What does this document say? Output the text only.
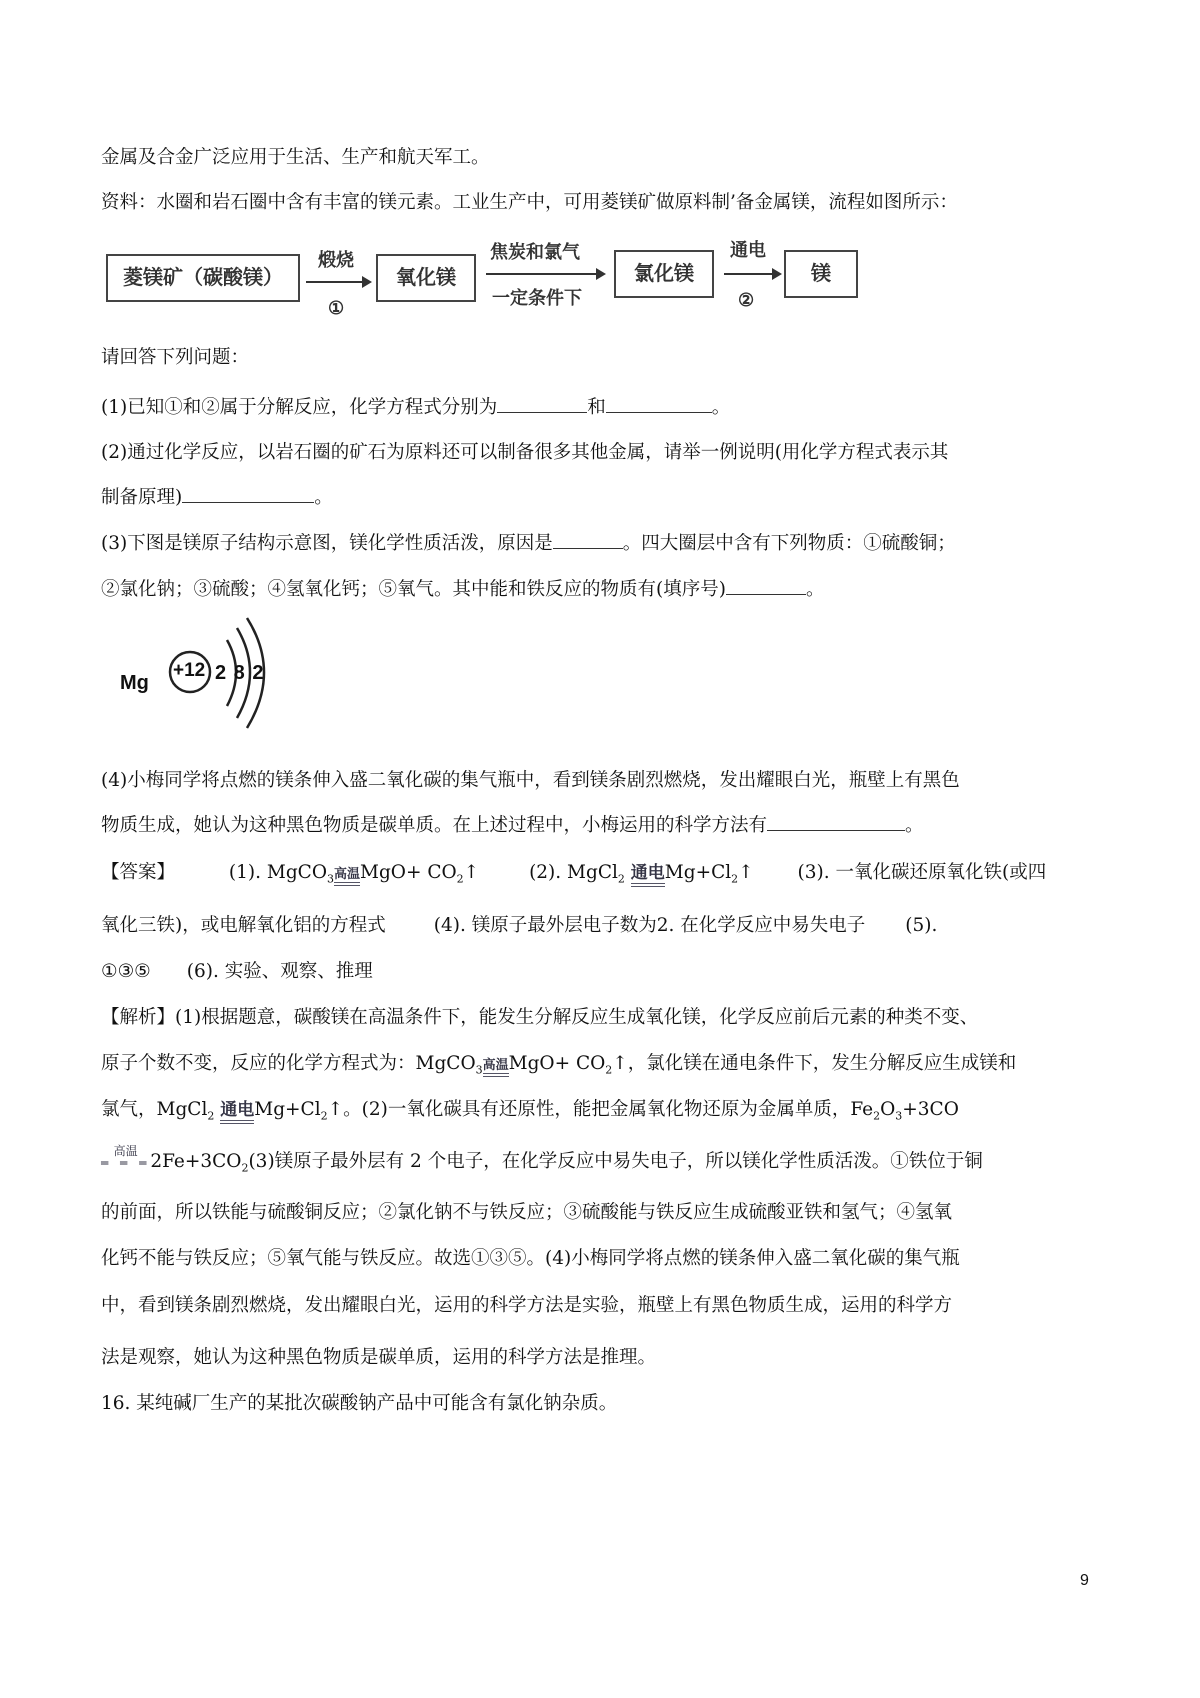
金属及合金广泛应用于生活、生产和航天军工。
资料：水圈和岩石圈中含有丰富的镁元素。工业生产中，可用菱镁矿做原料制’备金属镁，流程如图所示：
菱镁矿（碳酸镁）
煅烧
①
氧化镁
焦炭和氯气
一定条件下
氯化镁
通电
②
镁
请回答下列问题：
(1)已知①和②属于分解反应，化学方程式分别为	和	。
(2)通过化学反应，以岩石圈的矿石为原料还可以制备很多其他金属，请举一例说明(用化学方程式表示其
制备原理)	。
(3)下图是镁原子结构示意图，镁化学性质活泼，原因是	。四大圈层中含有下列物质：①硫酸铜；
②氯化钠；③硫酸；④氢氧化钙；⑤氧气。其中能和铁反应的物质有(填序号)	。
Mg
+12 2 8 2
(4)小梅同学将点燃的镁条伸入盛二氧化碳的集气瓶中，看到镁条剧烈燃烧，发出耀眼白光，瓶壁上有黑色
物质生成，她认为这种黑色物质是碳单质。在上述过程中，小梅运用的科学方法有	。
【答案】	(1). MgCO$_3$ 高温 $MgO+ CO_2↑$	(2). MgCl$_2$ 通电 $Mg+Cl_2↑$ (3). 一氧化碳还原氧化铁(或四
氧化三铁)，或电解氧化铝的方程式	(4). 镁原子最外层电子数为2. 在化学反应中易失电子 (5).
①③⑤ (6). 实验、观察、推理
【解析】(1)根据题意，碳酸镁在高温条件下，能发生分解反应生成氧化镁，化学反应前后元素的种类不变、
原子个数不变，反应的化学方程式为：MgCO$_3$ 高温 $MgO+ CO_2↑$，氯化镁在通电条件下，发生分解反应生成镁和
氯气，MgCl$_2$ 通电 $Mg+Cl_2↑$。(2)一氧化碳具有还原性，能把金属氧化物还原为金属单质，$Fe_2O_3+3CO$
高温
═ ═ ═ $2Fe+3CO_2(3)$镁原子最外层有 2 个电子，在化学反应中易失电子，所以镁化学性质活泼。①铁位于铜
的前面，所以铁能与硫酸铜反应；②氯化钠不与铁反应；③硫酸能与铁反应生成硫酸亚铁和氢气；④氢氧
化钙不能与铁反应；⑤氧气能与铁反应。故选①③⑤。(4)小梅同学将点燃的镁条伸入盛二氧化碳的集气瓶
中，看到镁条剧烈燃烧，发出耀眼白光，运用的科学方法是实验，瓶壁上有黑色物质生成，运用的科学方
法是观察，她认为这种黑色物质是碳单质，运用的科学方法是推理。
16. 某纯碱厂生产的某批次碳酸钠产品中可能含有氯化钠杂质。
9
